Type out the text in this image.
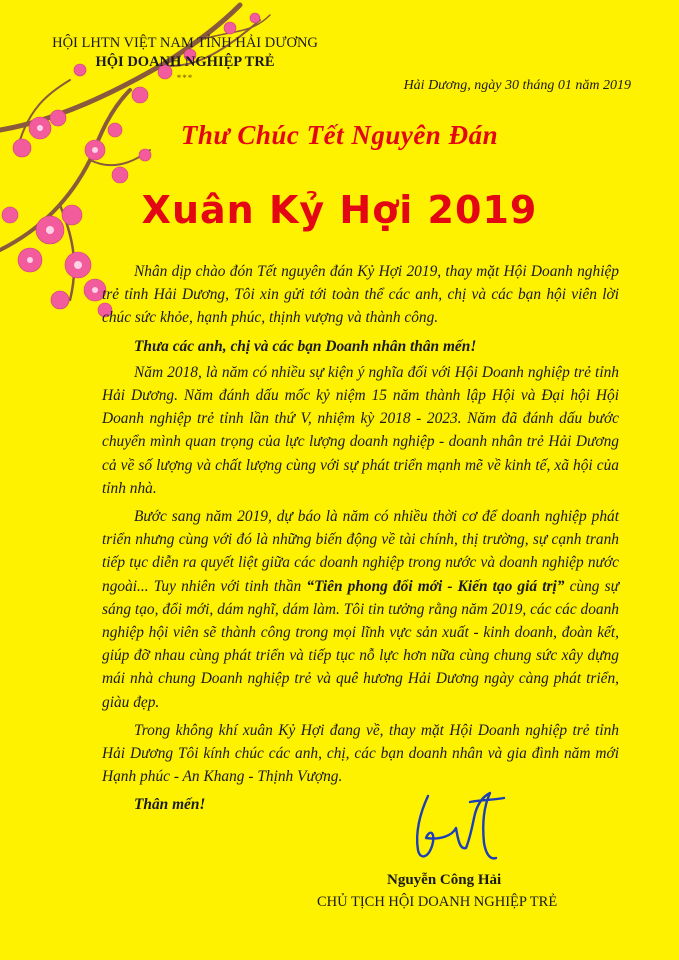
HỘI LHTN VIỆT NAM TỈNH HẢI DƯƠNG
HỘI DOANH NGHIỆP TRẺ
***	Hải Dương, ngày 30 tháng 01 năm 2019
Thư Chúc Tết Nguyên Đán
Xuân Kỷ Hợi 2019

Nhân dịp chào đón Tết nguyên đán Kỷ Hợi 2019, thay mặt Hội Doanh nghiệp trẻ tỉnh Hải Dương, Tôi xin gửi tới toàn thể các anh, chị và các bạn hội viên lời chúc sức khỏe, hạnh phúc, thịnh vượng và thành công.

Thưa các anh, chị và các bạn Doanh nhân thân mến!

Năm 2018, là năm có nhiều sự kiện ý nghĩa đối với Hội Doanh nghiệp trẻ tỉnh Hải Dương. Năm đánh dấu mốc kỷ niệm 15 năm thành lập Hội và Đại hội Hội Doanh nghiệp trẻ tỉnh lần thứ V, nhiệm kỳ 2018 - 2023. Năm đã đánh dấu bước chuyển mình quan trọng của lực lượng doanh nghiệp - doanh nhân trẻ Hải Dương cả về số lượng và chất lượng cùng với sự phát triển mạnh mẽ về kinh tế, xã hội của tỉnh nhà.

Bước sang năm 2019, dự báo là năm có nhiều thời cơ để doanh nghiệp phát triển nhưng cùng với đó là những biến động về tài chính, thị trường, sự cạnh tranh tiếp tục diễn ra quyết liệt giữa các doanh nghiệp trong nước và doanh nghiệp nước ngoài... Tuy nhiên với tinh thần “Tiên phong đổi mới - Kiến tạo giá trị” cùng sự sáng tạo, đổi mới, dám nghĩ, dám làm. Tôi tin tưởng rằng năm 2019, các các doanh nghiệp hội viên sẽ thành công trong mọi lĩnh vực sản xuất - kinh doanh, đoàn kết, giúp đỡ nhau cùng phát triển và tiếp tục nỗ lực hơn nữa cùng chung sức xây dựng mái nhà chung Doanh nghiệp trẻ và quê hương Hải Dương ngày càng phát triển, giàu đẹp.

Trong không khí xuân Kỷ Hợi đang về, thay mặt Hội Doanh nghiệp trẻ tỉnh Hải Dương Tôi kính chúc các anh, chị, các bạn doanh nhân và gia đình năm mới Hạnh phúc - An Khang - Thịnh Vượng.

Thân mến!

Nguyễn Công Hải
CHỦ TỊCH HỘI DOANH NGHIỆP TRẺ
